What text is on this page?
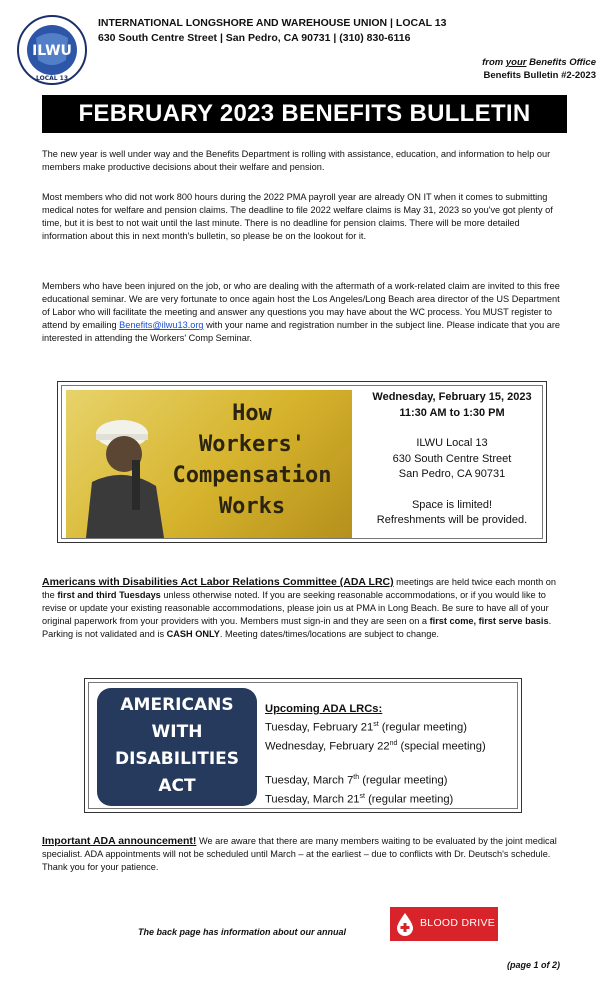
ILWU
LOCAL 13
INTERNATIONAL LONGSHORE AND WAREHOUSE UNION | LOCAL 13
630 South Centre Street | San Pedro, CA 90731 | (310) 830-6116
from your Benefits Office
Benefits Bulletin #2-2023
FEBRUARY 2023 BENEFITS BULLETIN

The new year is well under way and the Benefits Department is rolling with assistance, education, and information to help our members make productive decisions about their welfare and pension.

Most members who did not work 800 hours during the 2022 PMA payroll year are already ON IT when it comes to submitting medical notes for welfare and pension claims. The deadline to file 2022 welfare claims is May 31, 2023 so you've got plenty of time, but it is best to not wait until the last minute. There is no deadline for pension claims. There will be more detailed information about this in next month's bulletin, so please be on the lookout for it.

Members who have been injured on the job, or who are dealing with the aftermath of a work-related claim are invited to this free educational seminar. We are very fortunate to once again host the Los Angeles/Long Beach area director of the US Department of Labor who will facilitate the meeting and answer any questions you may have about the WC process. You MUST register to attend by emailing Benefits@ilwu13.org with your name and registration number in the subject line. Please indicate that you are interested in attending the Workers' Comp Seminar.

How
Workers'
Compensation
Works
Wednesday, February 15, 2023
11:30 AM to 1:30 PM
ILWU Local 13
630 South Centre Street
San Pedro, CA 90731
Space is limited!
Refreshments will be provided.

Americans with Disabilities Act Labor Relations Committee (ADA LRC) meetings are held twice each month on the first and third Tuesdays unless otherwise noted. If you are seeking reasonable accommodations, or if you would like to revise or update your existing reasonable accommodations, please join us at PMA in Long Beach. Be sure to have all of your original paperwork from your providers with you. Members must sign-in and they are seen on a first come, first serve basis. Parking is not validated and is CASH ONLY. Meeting dates/times/locations are subject to change.

AMERICANS
WITH
DISABILITIES
ACT
Upcoming ADA LRCs:
Tuesday, February 21st (regular meeting)
Wednesday, February 22nd (special meeting)
Tuesday, March 7th (regular meeting)
Tuesday, March 21st (regular meeting)

Important ADA announcement! We are aware that there are many members waiting to be evaluated by the joint medical specialist. ADA appointments will not be scheduled until March – at the earliest – due to conflicts with Dr. Deutsch's schedule. Thank you for your patience.

The back page has information about our annual
BLOOD DRIVE
(page 1 of 2)
